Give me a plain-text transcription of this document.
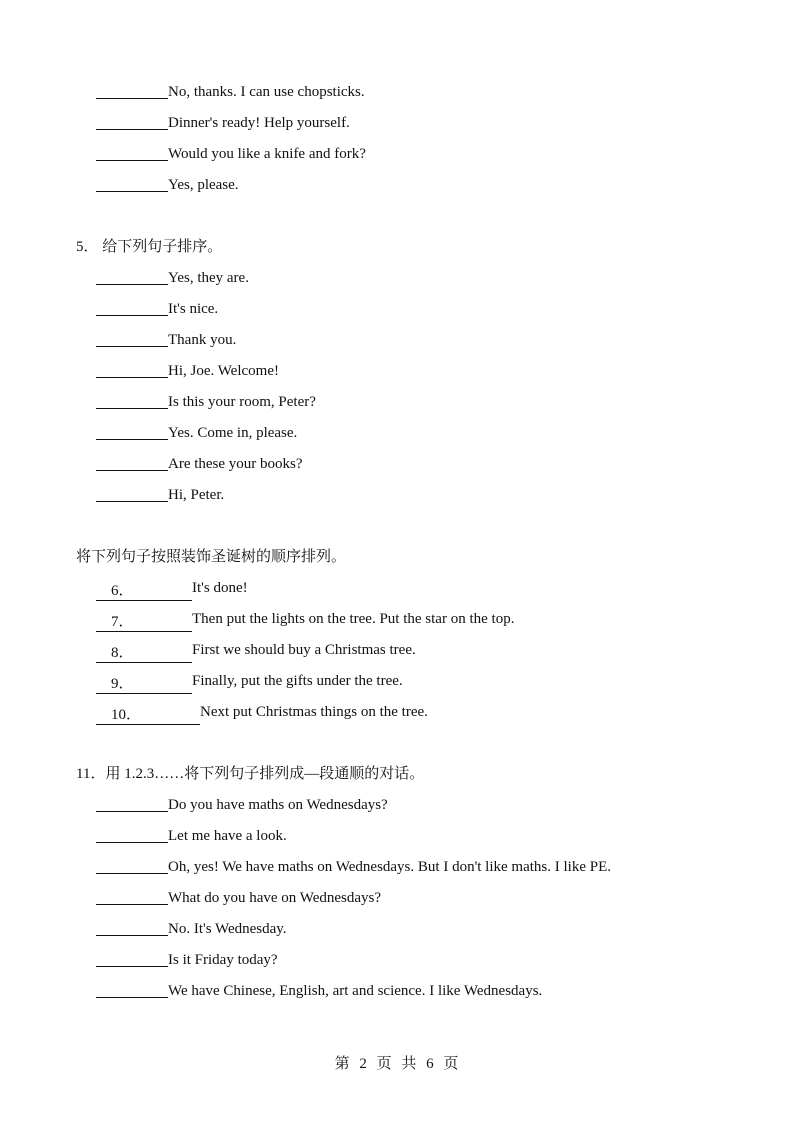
No, thanks. I can use chopsticks.
Dinner's ready! Help yourself.
Would you like a knife and fork?
Yes, please.
5． 给下列句子排序。
Yes, they are.
It's nice.
Thank you.
Hi, Joe. Welcome!
Is this your room, Peter?
Yes. Come in, please.
Are these your books?
Hi, Peter.
将下列句子按照装饰圣诞树的顺序排列。
6．	It's done!
7．	Then put the lights on the tree. Put the star on the top.
8．	First we should buy a Christmas tree.
9．	Finally, put the gifts under the tree.
10．	Next put Christmas things on the tree.
11．用 1.2.3……将下列句子排列成—段通顺的对话。
Do you have maths on Wednesdays?
Let me have a look.
Oh, yes! We have maths on Wednesdays. But I don't like maths. I like PE.
What do you have on Wednesdays?
No. It's Wednesday.
Is it Friday today?
We have Chinese, English, art and science. I like Wednesdays.
第 2 页 共 6 页
